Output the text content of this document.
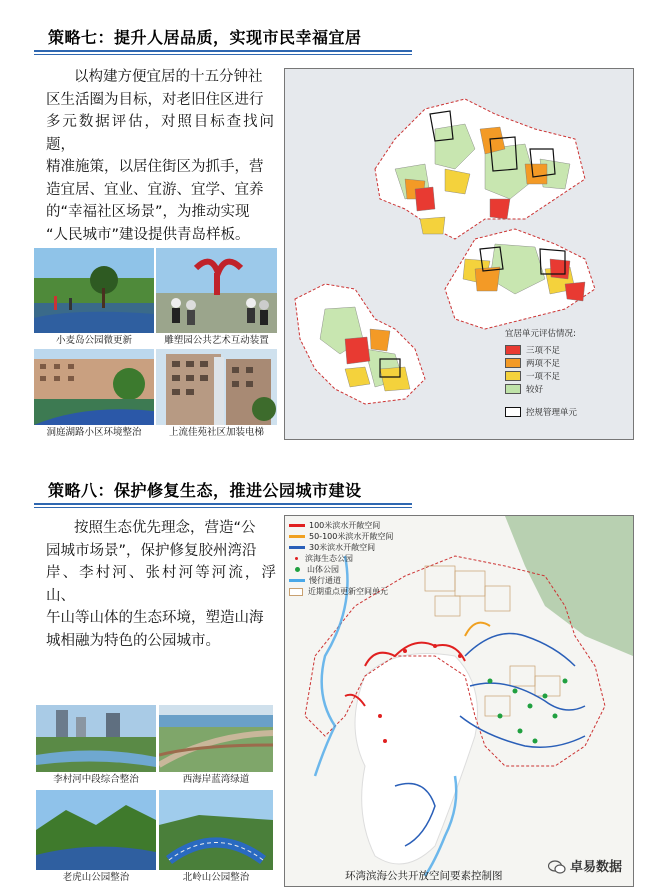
策略七：提升人居品质，实现市民幸福宜居
以构建方便宜居的十五分钟社
区生活圈为目标，对老旧住区进行
多元数据评估，对照目标查找问题，
精准施策，以居住街区为抓手，营
造宜居、宜业、宜游、宜学、宜养
的“幸福社区场景”，为推动实现
“人民城市”建设提供青岛样板。
小麦岛公园微更新	雕塑园公共艺术互动装置
洞庭湖路小区环境整治	上流佳苑社区加装电梯
宜居单元评估情况:
三项不足
两项不足
一项不足
较好
控规管理单元
策略八：保护修复生态，推进公园城市建设
按照生态优先理念，营造“公
园城市场景”，保护修复胶州湾沿
岸、李村河、张村河等河流，浮山、
午山等山体的生态环境，塑造山海
城相融为特色的公园城市。
李村河中段综合整治	西海岸蓝湾绿道
老虎山公园整治	北岭山公园整治
100米滨水开敞空间
50-100米滨水开敞空间
30米滨水开敞空间
滨海生态公园
山体公园
慢行通道
近期重点更新空间单元
环湾滨海公共开放空间要素控制图
卓易数据
